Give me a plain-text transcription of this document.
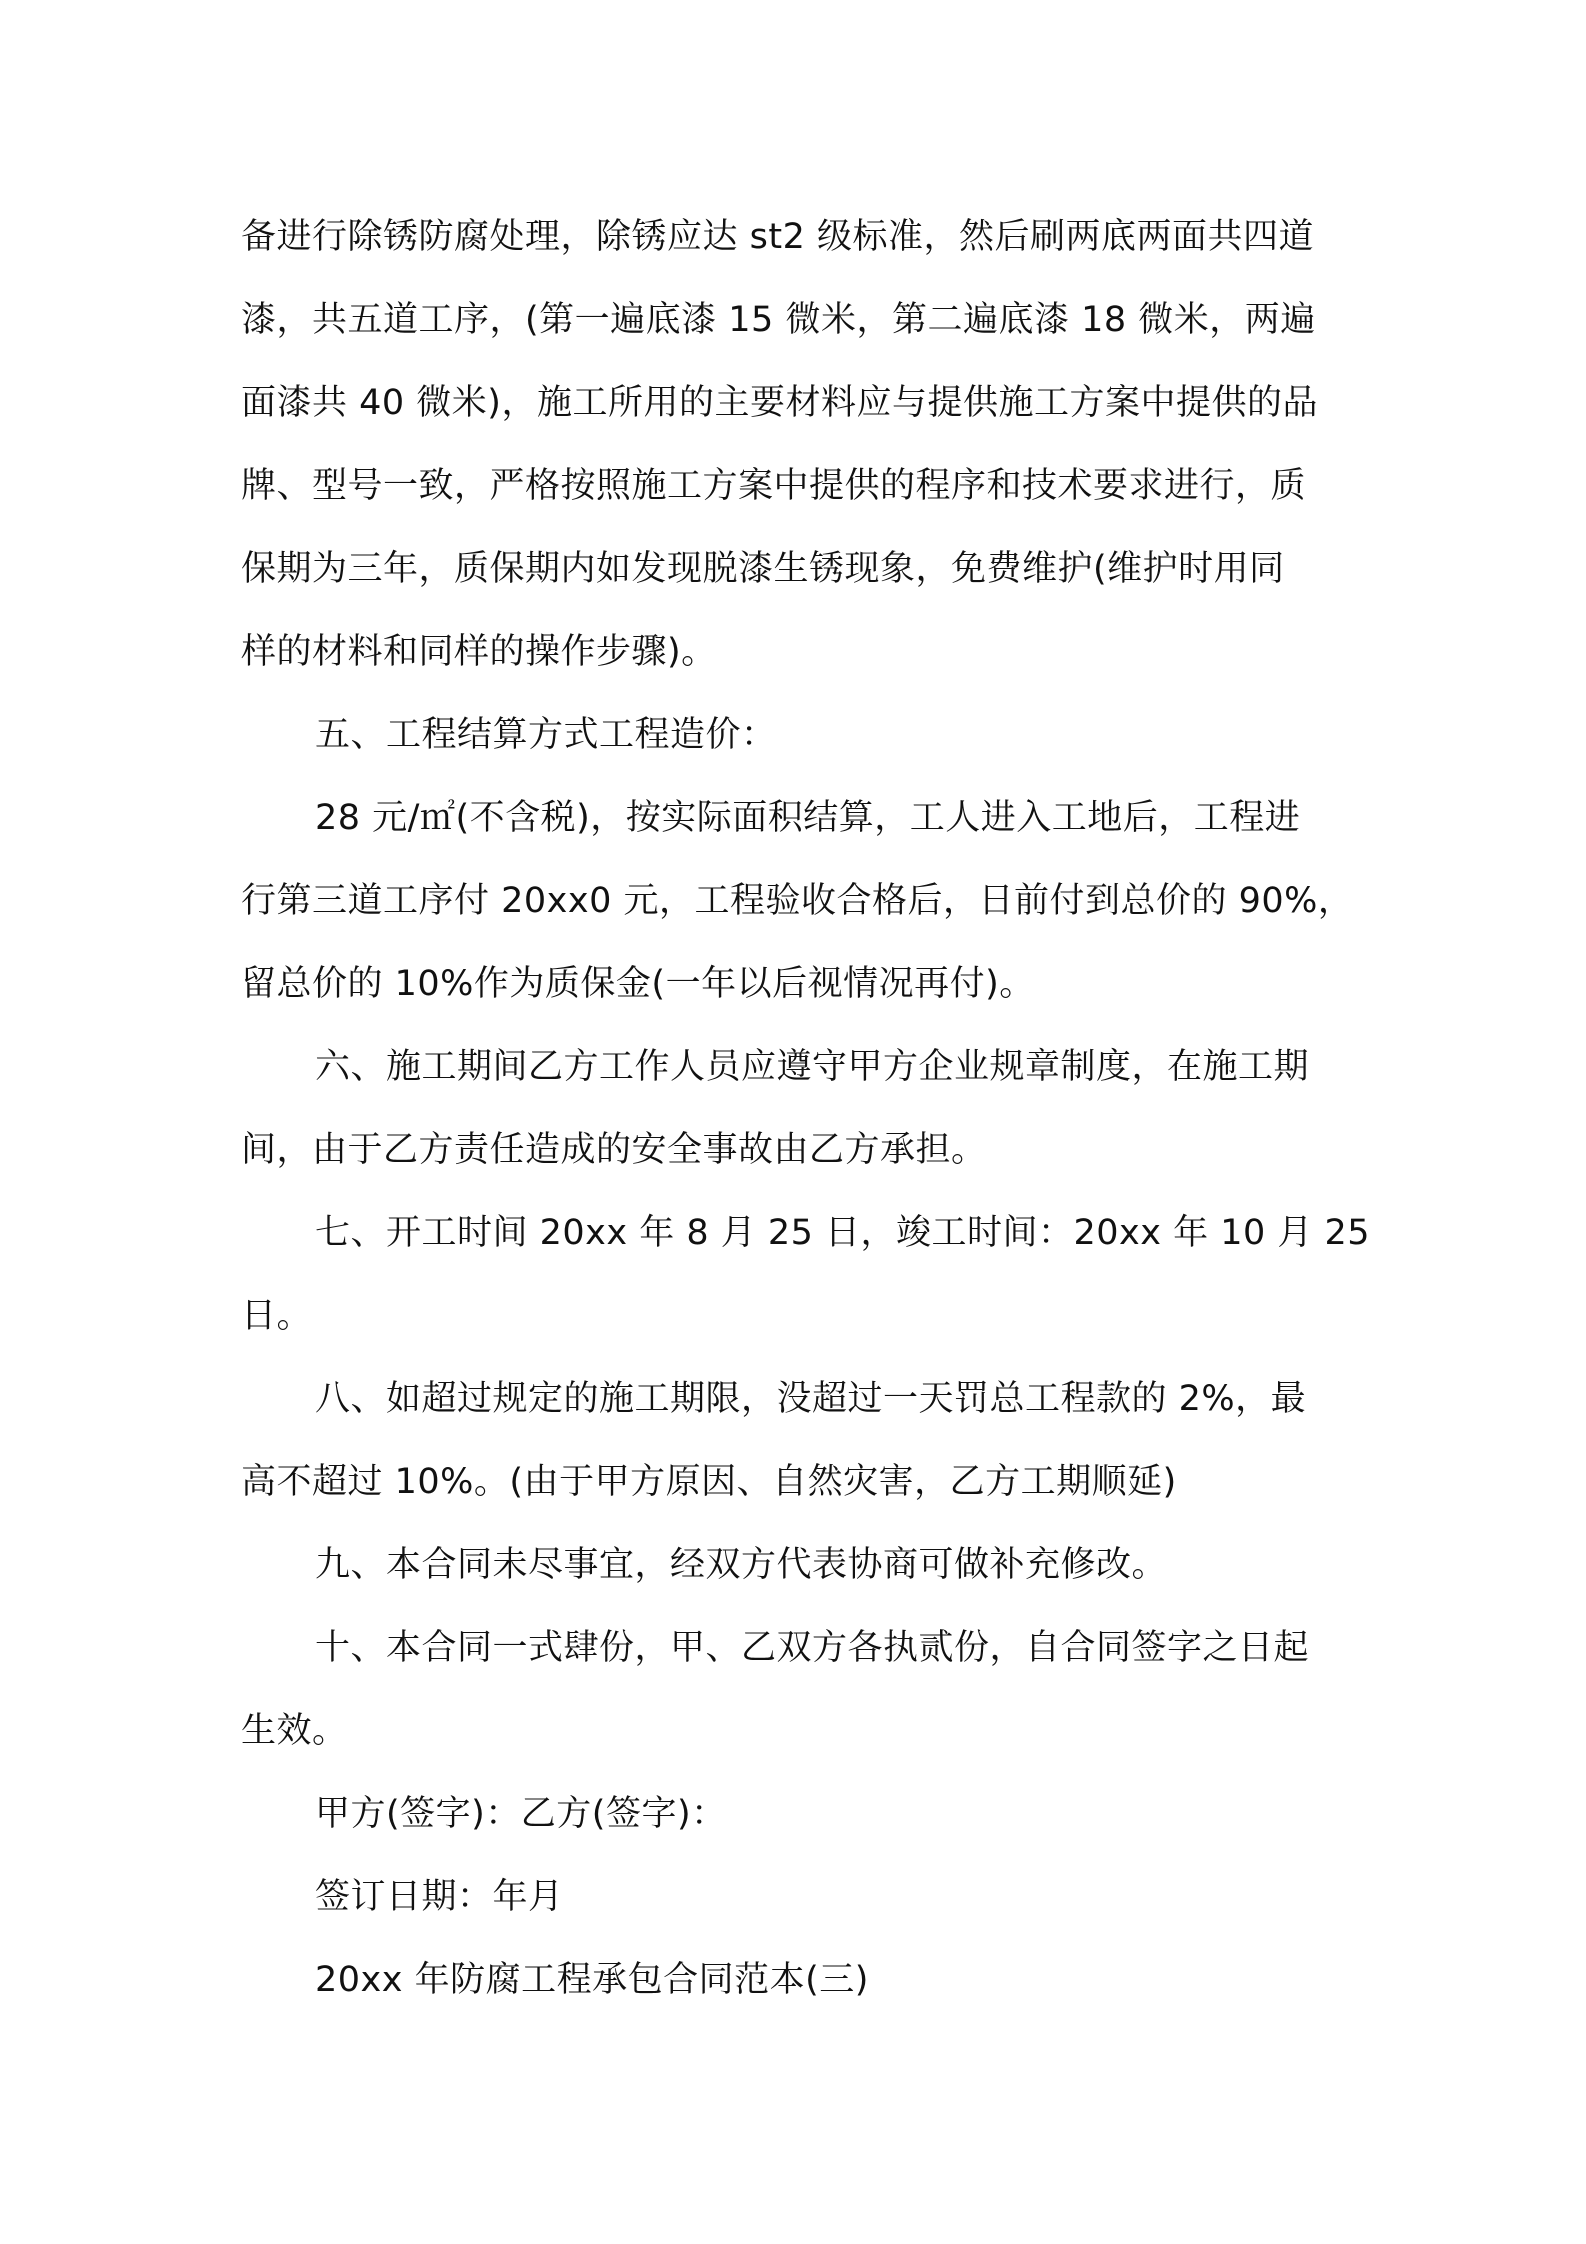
备进行除锈防腐处理，除锈应达 st2 级标准，然后刷两底两面共四道
漆，共五道工序，(第一遍底漆 15 微米，第二遍底漆 18 微米，两遍
面漆共 40 微米)，施工所用的主要材料应与提供施工方案中提供的品
牌、型号一致，严格按照施工方案中提供的程序和技术要求进行，质
保期为三年，质保期内如发现脱漆生锈现象，免费维护(维护时用同
样的材料和同样的操作步骤)。
五、工程结算方式工程造价：
28 元/㎡(不含税)，按实际面积结算，工人进入工地后，工程进
行第三道工序付 20xx0 元，工程验收合格后，日前付到总价的 90%，
留总价的 10%作为质保金(一年以后视情况再付)。
六、施工期间乙方工作人员应遵守甲方企业规章制度，在施工期
间，由于乙方责任造成的安全事故由乙方承担。
七、开工时间 20xx 年 8 月 25 日，竣工时间：20xx 年 10 月 25
日。
八、如超过规定的施工期限，没超过一天罚总工程款的 2%，最
高不超过 10%。(由于甲方原因、自然灾害，乙方工期顺延)
九、本合同未尽事宜，经双方代表协商可做补充修改。
十、本合同一式肆份，甲、乙双方各执贰份，自合同签字之日起
生效。
甲方(签字)：乙方(签字)：
签订日期：年月
20xx 年防腐工程承包合同范本(三)
